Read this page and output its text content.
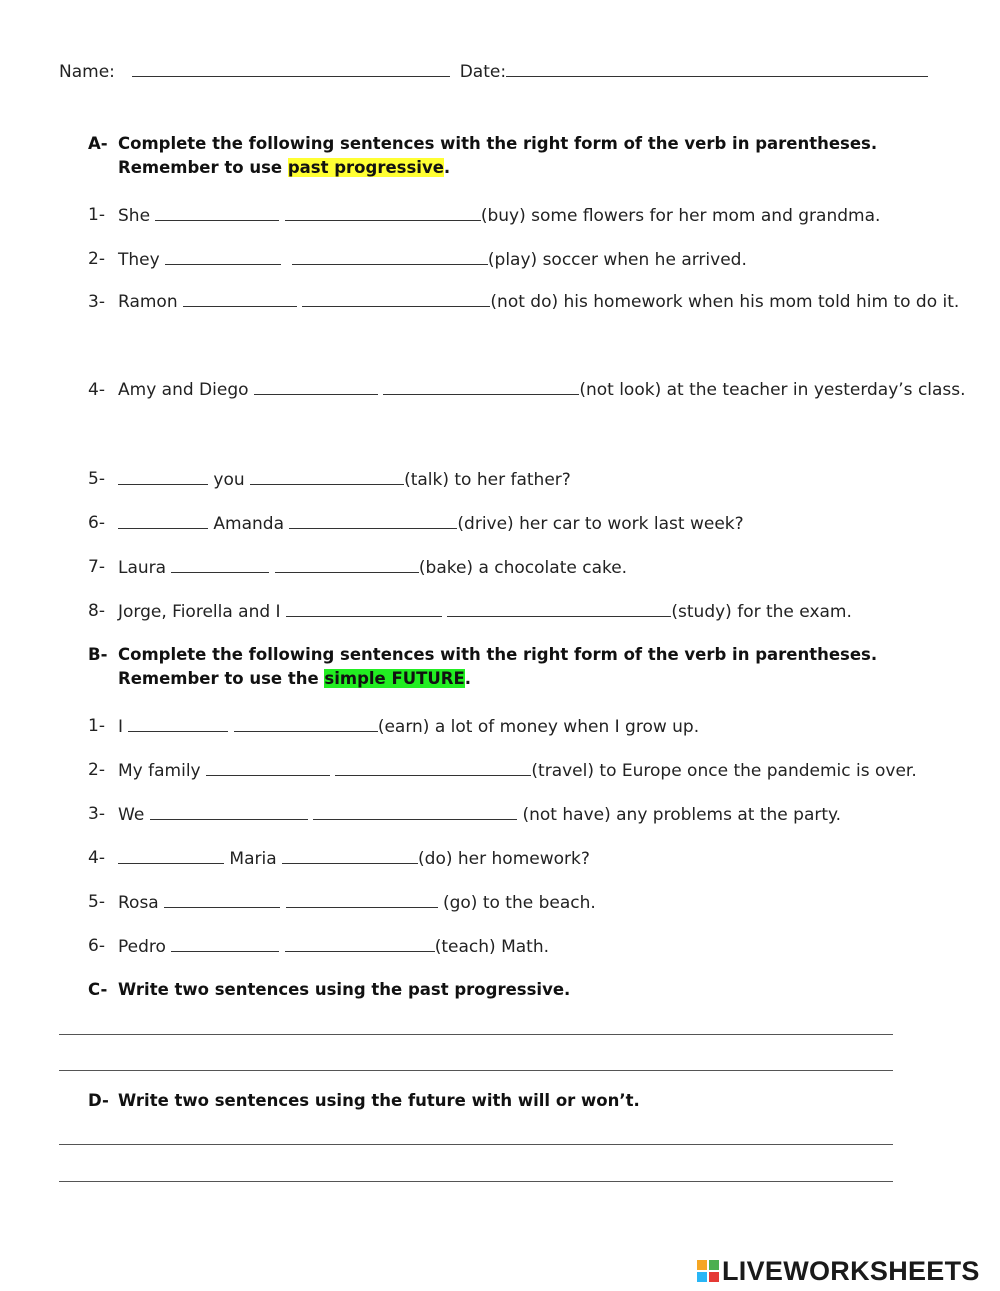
Name:	Date:
A- Complete the following sentences with the right form of the verb in parentheses. Remember to use past progressive.
1- She	(buy) some flowers for her mom and grandma.
2- They	(play) soccer when he arrived.
3- Ramon	(not do) his homework when his mom told him to do it.
4- Amy and Diego	(not look) at the teacher in yesterday’s class.
5-	you	(talk) to her father?
6-	Amanda	(drive) her car to work last week?
7- Laura	(bake) a chocolate cake.
8- Jorge, Fiorella and I	(study) for the exam.
B- Complete the following sentences with the right form of the verb in parentheses. Remember to use the simple FUTURE.
1- I	(earn) a lot of money when I grow up.
2- My family	(travel) to Europe once the pandemic is over.
3- We	(not have) any problems at the party.
4-	Maria	(do) her homework?
5- Rosa	(go) to the beach.
6- Pedro	(teach) Math.
C- Write two sentences using the past progressive.
D- Write two sentences using the future with will or won’t.
LIVEWORKSHEETS
